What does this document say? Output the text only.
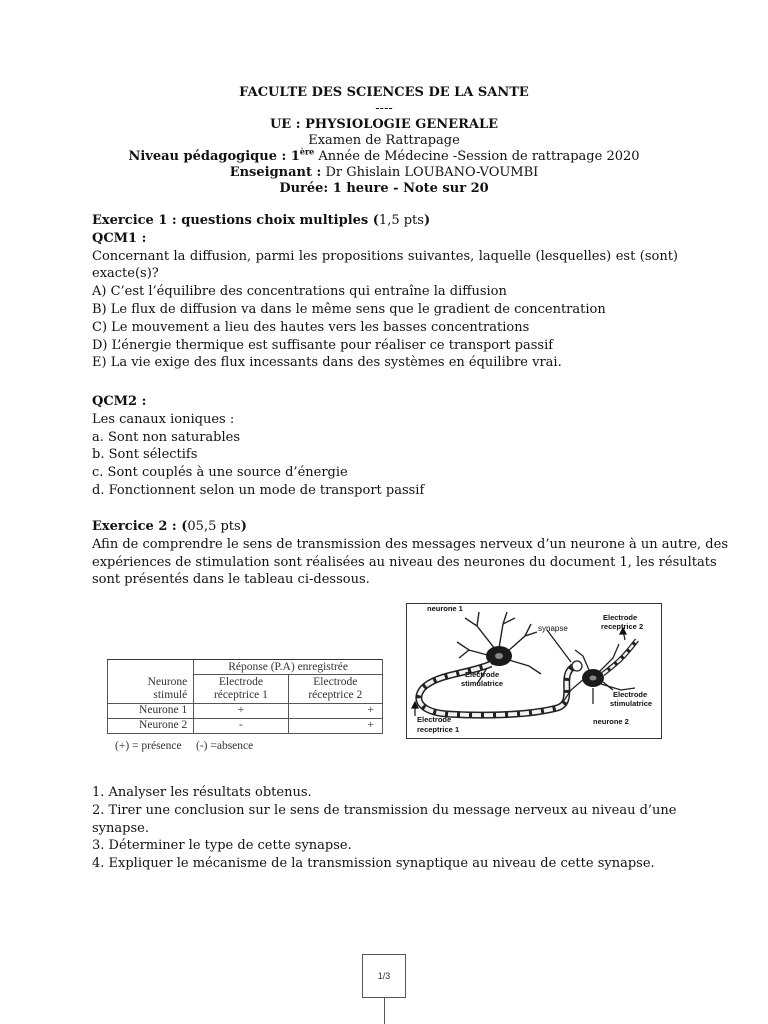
FACULTE DES SCIENCES DE LA SANTE
----
UE : PHYSIOLOGIE GENERALE
Examen de Rattrapage
Niveau pédagogique : 1ère Année de Médecine -Session de rattrapage 2020
Enseignant : Dr Ghislain LOUBANO-VOUMBI
Durée: 1 heure - Note sur 20
Exercice 1 : questions choix multiples (1,5 pts)
QCM1 :
Concernant la diffusion, parmi les propositions suivantes, laquelle (lesquelles) est (sont)
exacte(s)?
A) C’est l’équilibre des concentrations qui entraîne la diffusion
B) Le flux de diffusion va dans le même sens que le gradient de concentration
C) Le mouvement a lieu des hautes vers les basses concentrations
D) L’énergie thermique est suffisante pour réaliser ce transport passif
E) La vie exige des flux incessants dans des systèmes en équilibre vrai.
QCM2 :
Les canaux ioniques :
a. Sont non saturables
b. Sont sélectifs
c. Sont couplés à une source d’énergie
d. Fonctionnent selon un mode de transport passif
Exercice 2 : (05,5 pts)
Afin de comprendre le sens de transmission des messages nerveux d’un neurone à un autre, des
expériences de stimulation sont réalisées au niveau des neurones du document 1, les résultats
sont présentés dans le tableau ci-dessous.
	Réponse (P.A) enregistrée	
Neurone
stimulé	Electrode
réceptrice 1	Electrode
réceptrice 2
Neurone 1	+	+
Neurone 2	-	+
(+) = présence (-) =absence
neurone 1
synapse
Electrode receptrice 2
Electrode stimulatrice
Electrode stimulatrice
Electrode receptrice 1
neurone 2
1. Analyser les résultats obtenus.
2. Tirer une conclusion sur le sens de transmission du message nerveux au niveau d’une
synapse.
3. Déterminer le type de cette synapse.
4. Expliquer le mécanisme de la transmission synaptique au niveau de cette synapse.
1/3
